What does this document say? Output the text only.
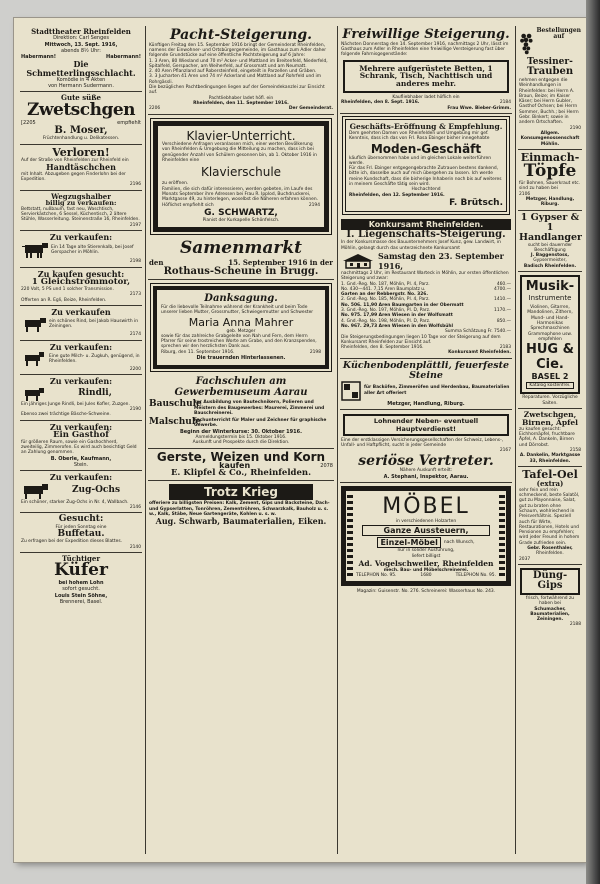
Stadttheater Rheinfelden
Direktion: Carl Senges
Mittwoch, 13. Sept. 1916,
abends 8½ Uhr:
Habermann!	Habermann!
Die Schmetterlingsschlacht.
Komödie in 4 Akten
von Hermann Sudermann.
Gute süße
Zwetschgen
[2205	empfiehlt
B. Moser,
Früchtenhandlung u. Delikatessen.
Verloren!
Auf der Straße von Rheinfelden zur Rheinfeld ein
Handtäschchen
mit Inhalt. Abzugeben gegen Finderlohn bei der Expedition.
2196
Wegzugshalber
billig zu verkaufen:
Bettstatt, nußbaum, fast neu, Waschtisch, Servierkästchen, 6 Sessel, Küchentisch, 2 ältere Stühle, Wasserleitung. Steinenstraße 16, Rheinfelden.
2197
Zu verkaufen:
Ein 14 Tage alte Stierenkalb, bei Josef Gerspacher in Möhlin.
2198
Zu kaufen gesucht:
1 Gleichstrommotor,
220 Volt, 5 PS und 1 solcher Transmission.
2173
Offerten an R. Egli, Beize, Rheinfelden.
Zu verkaufen
ein schönes Rind, bei Jakob Hauswirth in Zeiningen.
2174
Zu verkaufen:
Eine gute Milch- u. Zugkuh, genügend, in Rheinfelden.
2200
Zu verkaufen:
Rindli,
Ein jähriges Junge Rindli, bei Jules Kofler, Zuzgen.
2190
Ebenso zwei trächtige Bäsche-Schweine.
Zu verkaufen:
Ein Gasthof
für größeren Raum, sowie ein Gashochherd, zweiteilig, Zimmerofen. Es wird auch besichtigt Geld an Zahlung genommen.
B. Oberle, Kaufmann,
Stein.
Zu verkaufen:
Zug-Ochs
Ein schöner, starker Zug-Ochs in Nr. 4, Wallbach.
2146
Gesucht:
Für jeden Sonntag eine
Buffetau.
Zu erfragen bei der Expedition dieses Blattes.
2140
Tüchtiger
Küfer
bei hohem Lohn
sofort gesucht.
Louis Stein Söhne,
Brennerei, Basel.
Pacht-Steigerung.
Künftigen Freitag den 15. September 1916 bringt der Gemeinderat Rheinfelden, namens der Einwohner- und Ortsbürgergemeinde, im Gasthaus zum Adler daher folgende Grundstücke auf eine öffentliche Pachtsteigerung auf 6 Jahre:
1. 3 Aren, 80 Wiesland und 70 m² Acker- und Mattland im Breitenfeld, Niederfeld, Spitalfeld, Gerspacher, am Weiherfeld, auf Grossmatt und am Neumatt.
2. 40 Aren Pflanzland auf Robersteinfeld, eingeteilt in Parzellen und Gräben.
3. 3 Jucharten 41 Aren und 74 m² Ackerland und Mattland auf Rohrfeld und im Rohrgässli.
Die bezüglichen Pachtbedingungen liegen auf der Gemeindekanzlei zur Einsicht auf.
Pachtliebhaber ladet höfl. ein
Rheinfelden, den 11. September 1916.
2206	Der Gemeinderat.
Klavier-Unterricht.
Verschiedene Anfragen veranlassen mich, einer werten Bevölkerung von Rheinfelden & Umgebung die Mitteilung zu machen, dass ich bei genügender Anzahl von Schülern gesonnen bin, ab 1. Oktober 1916 in Rheinfelden eine
Klavierschule
zu eröffnen.
Familien, die sich dafür interessieren, werden gebeten, im Laufe des Monats September ihre Adressen bei Frau R. Ipplod, Buchdruckerei, Marktgasse 49, zu hinterlegen, woselbst die Näheren erfahren können.
Höflichst empfiehlt sich	2194
G. SCHWARTZ,
Pianist der Kurkapelle Schönfelsch.
Samenmarkt
den	15. September 1916 in der
Rothaus-Scheune in Brugg.
Danksagung.
Für die liebevolle Teilnahme während der Krankheit und beim Tode unserer lieben Mutter, Grossmutter, Schwiegermutter und Schwester
Maria Anna Mahrer
geb. Metzger
sowie für das zahlreiche Grabgeleite von Nah und Fern, dem Herrn Pfarrer für seine trostreichen Worte am Grabe, und den Kranzspenden, sprechen wir den herzlichsten Dank aus.
Riburg, den 11. September 1916.	2198
Die trauernden Hinterlassenen.
Fachschulen am Gewerbemuseum Aarau
Bauschule
zur Ausbildung von Bautechnikern, Polieren und Meistern des Baugewerbes: Maurerei, Zimmerei und Bauschreinerei.
Malschule
Fachunterricht für Maler und Zeichner für graphische Gewerbe.
Beginn der Winterkurse: 30. Oktober 1916.
Anmeldungstermin bis 15. Oktober 1916.
Auskunft und Prospekte durch die Direktion.
Gerste, Weizen und Korn
kaufen	2078
E. Klipfel & Co., Rheinfelden.
Trotz Krieg
offeriere zu billigsten Preisen: Kalk, Zement, Gips und Backsteine, Dach- und Gypserlatten, Tonröhren, Zementröhren, Schwarzkalk, Bauholz u. s. w., Kalk, Stäbe, Neue Gartengeräte, Kohlen u. s. w.
Aug. Schwarb, Baumaterialien, Eiken.
Freiwillige Steigerung.
Nächsten Donnerstag den 14. September 1916, nachmittags 2 Uhr, lässt im Gasthaus zum Adler in Rheinfelden eine freiwillige Versteigerung fast über folgende Fahrnisgegenstände:
Mehrere aufgerüstete Betten, 1 Schrank, Tisch, Nachttisch und anderes mehr.
Kaufliebhaber ladet höflich ein
Rheinfelden, den 8. Sept. 1916.	2184
Frau Wwe. Bieber-Grimm.
Geschäfts-Eröffnung & Empfehlung.
Dem geehrten Damen von Rheinfelden und Umgebung mir gef. Kenntnis, dass ich das von Frl. Rosa Ebinger bisher innegehabte
Moden-Geschäft
käuflich übernommen habe und im gleichen Lokale weiterführen werde.
Für das Frl. Ebinger entgegengebrachte Zutrauen bestens dankend, bitte ich, dasselbe auch auf mich übergehen zu lassen. Ich werde meine Kundschaft, dass die bisherige Inhaberin noch bis auf weiteres in meinem Geschäfte tätig sein wird.
Hochachtend
Rheinfelden, den 12. September 1916.
F. Brütsch.
Konkursamt Rheinfelden.
I. Liegenschafts-Steigerung.
In der Konkursmasse des Bauunternehmers Josef Kunz, gew. Landwirt, in Möhlin, gelangt durch das unterzeichnete Konkursamt
Samstag den 23. September 1916,
nachmittags 2 Uhr, im Restaurant Warteck in Möhlin, zur ersten öffentlichen Steigerung und zwar:
1. Gnd.-Reg. No. 187, Möhlin, Pl. 4, Parz.	460.—
No. 430—441. 7,15 Aren Baumplatz u.	4700.—
Garten an der Rebbergstr. No. 326.
2. Gnd.-Reg. No. 185, Möhlin, Pl. 4, Parz.	1410.—
No. 506. 11,90 Aren Baumgarten in der Obermatt
3. Gnd.-Reg. No. 197, Möhlin, Pl. D, Parz.	1170.—
No. 975. 17,99 Aren Wiesen in der Wolfsmatt
4. Gnd.-Reg. No. 198, Möhlin, Pl. D, Parz.	850.—
No. 967. 29,73 Aren Wiesen in den Wolfsbühl
Summa Schätzung Fr. 7540.—
Die Steigerungsbedingungen liegen 10 Tage vor der Steigerung auf dem Konkursamt Rheinfelden zur Einsicht auf.
Rheinfelden, den 8. September 1916.	2183
Konkursamt Rheinfelden.
Küchenbodenplättli, feuerfeste Steine
für Backöfen, Zimmeröfen und Herdenbau, Baumaterialien aller Art offeriert
Metzger, Handlung, Riburg.
Lohnender Neben- eventuell Hauptverdienst!
Eine der erstklassigen Versicherungsgesellschaften der Schweiz, Lebens-, Unfall- und Haftpflicht, sucht in jeder Gemeinde
2167
seriöse Vertreter.
Nähere Auskunft erteilt:
A. Stephani, Inspektor, Aarau.
MÖBEL
in verschiedenen Holzarten
Ganze Aussteuern,
Einzel-Möbel	nach Wunsch,
nur in solider Ausführung,
liefert billigst
Ad. Vogelschweiler, Rheinfelden
mech. Bau- und Möbelschreinerei.
TELEPHON No. 95.	1680	TELEPHON No. 95.
Magazin: Guisenstr. No. 276. Schreinerei: Wasserhaus No. 243.
Bestellungen
auf
Tessiner-
Trauben
nehmen entgegen die Weinhandlungen in Rheinfelden: bei Herrn A. Braun, Beize; im Kaiser Käser; bei Herrn Gubler, Gasthof Ochsen; bei Herrn Sommer, Buchh.; bei Herrn Gebr. Binkert; sowie in andern Ortschaften.
2190
Allgem. Konsumgenossenschaft Möhlin.
Einmach-
Töpfe
für Bohnen, Sauerkraut etc. sind zu haben bei
2106
Metzger, Handlung, Riburg.
1 Gypser &
1 Handlanger
sucht bei dauernder Beschäftigung
J. Baggenstoss,
Gypsermeister,
Badisch Rheinfelden.
Musik-
Instrumente
Violinen, Gitarren, Mandolinen, Zithern, Mund- und Hand-Harmonikas Sprechmaschinen Grammophone usw. empfehlen
HUG & Cie.
BASEL 2
Katalog kostenfrei.
Reparaturen. Vorzügliche Saiten.
Zwetschgen, Birnen, Äpfel
zu kaufen gesucht: Eichhornäpfel, fruchtbare Äpfel, A. Dankeln, Birnen und Dörrobst.
2158
A. Dankelin, Marktgasse 33, Rheinfelden.
Tafel-Oel
(extra)
sehr fein und rein schmeckend, beste Salatöl, gut zu Mayonnaise, Salat, gut zu braten ohne Schaum, wohlriechend in Preisverhältnis. Speziell auch für Wirte, Restaurationen, Hotels und Pensionen zu empfehlen; wird jeder Freund in hohem Grade zufrieden sein.
Gebr. Rosenthaler,
Rheinfelden.
2037
Düng-Gips
frisch, fortwährend zu haben bei
Schumacher, Baumaterialien, Zeiningen.
2188
